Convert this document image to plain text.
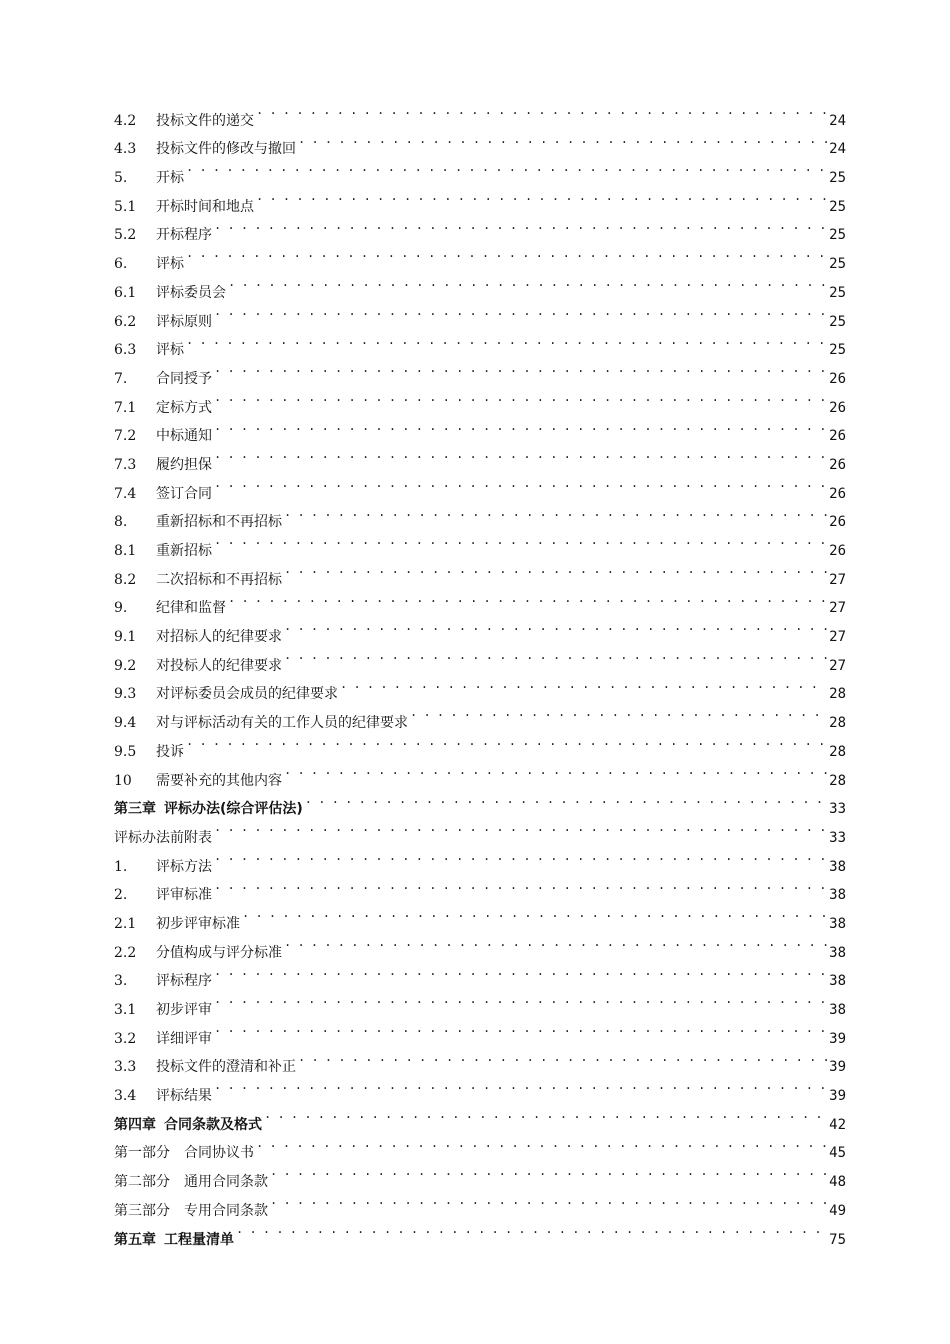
4.2	投标文件的递交 . . .	24
4.3	投标文件的修改与撤回 . . .	24
5.	开标 . . .	25
5.1	开标时间和地点 . . .	25
5.2	开标程序 . . .	25
6.	评标 . . .	25
6.1	评标委员会 . . .	25
6.2	评标原则 . . .	25
6.3	评标 . . .	25
7.	合同授予 . . .	26
7.1	定标方式 . . .	26
7.2	中标通知 . . .	26
7.3	履约担保 . . .	26
7.4	签订合同 . . .	26
8.	重新招标和不再招标 . . .	26
8.1	重新招标 . . .	26
8.2	二次招标和不再招标 . . .	27
9.	纪律和监督 . . .	27
9.1	对招标人的纪律要求 . . .	27
9.2	对投标人的纪律要求 . . .	27
9.3	对评标委员会成员的纪律要求 . . .	28
9.4	对与评标活动有关的工作人员的纪律要求 . . .	28
9.5	投诉 . . .	28
10	需要补充的其他内容 . . .	28
第三章 评标办法(综合评估法) . . .	33
评标办法前附表 . . .	33
1.	评标方法 . . .	38
2.	评审标准 . . .	38
2.1	初步评审标准 . . .	38
2.2	分值构成与评分标准 . . .	38
3.	评标程序 . . .	38
3.1	初步评审 . . .	38
3.2	详细评审 . . .	39
3.3	投标文件的澄清和补正 . . .	39
3.4	评标结果 . . .	39
第四章 合同条款及格式 . . .	42
第一部分	合同协议书 . . .	45
第二部分	通用合同条款 . . .	48
第三部分	专用合同条款 . . .	49
第五章 工程量清单 . . .	75
